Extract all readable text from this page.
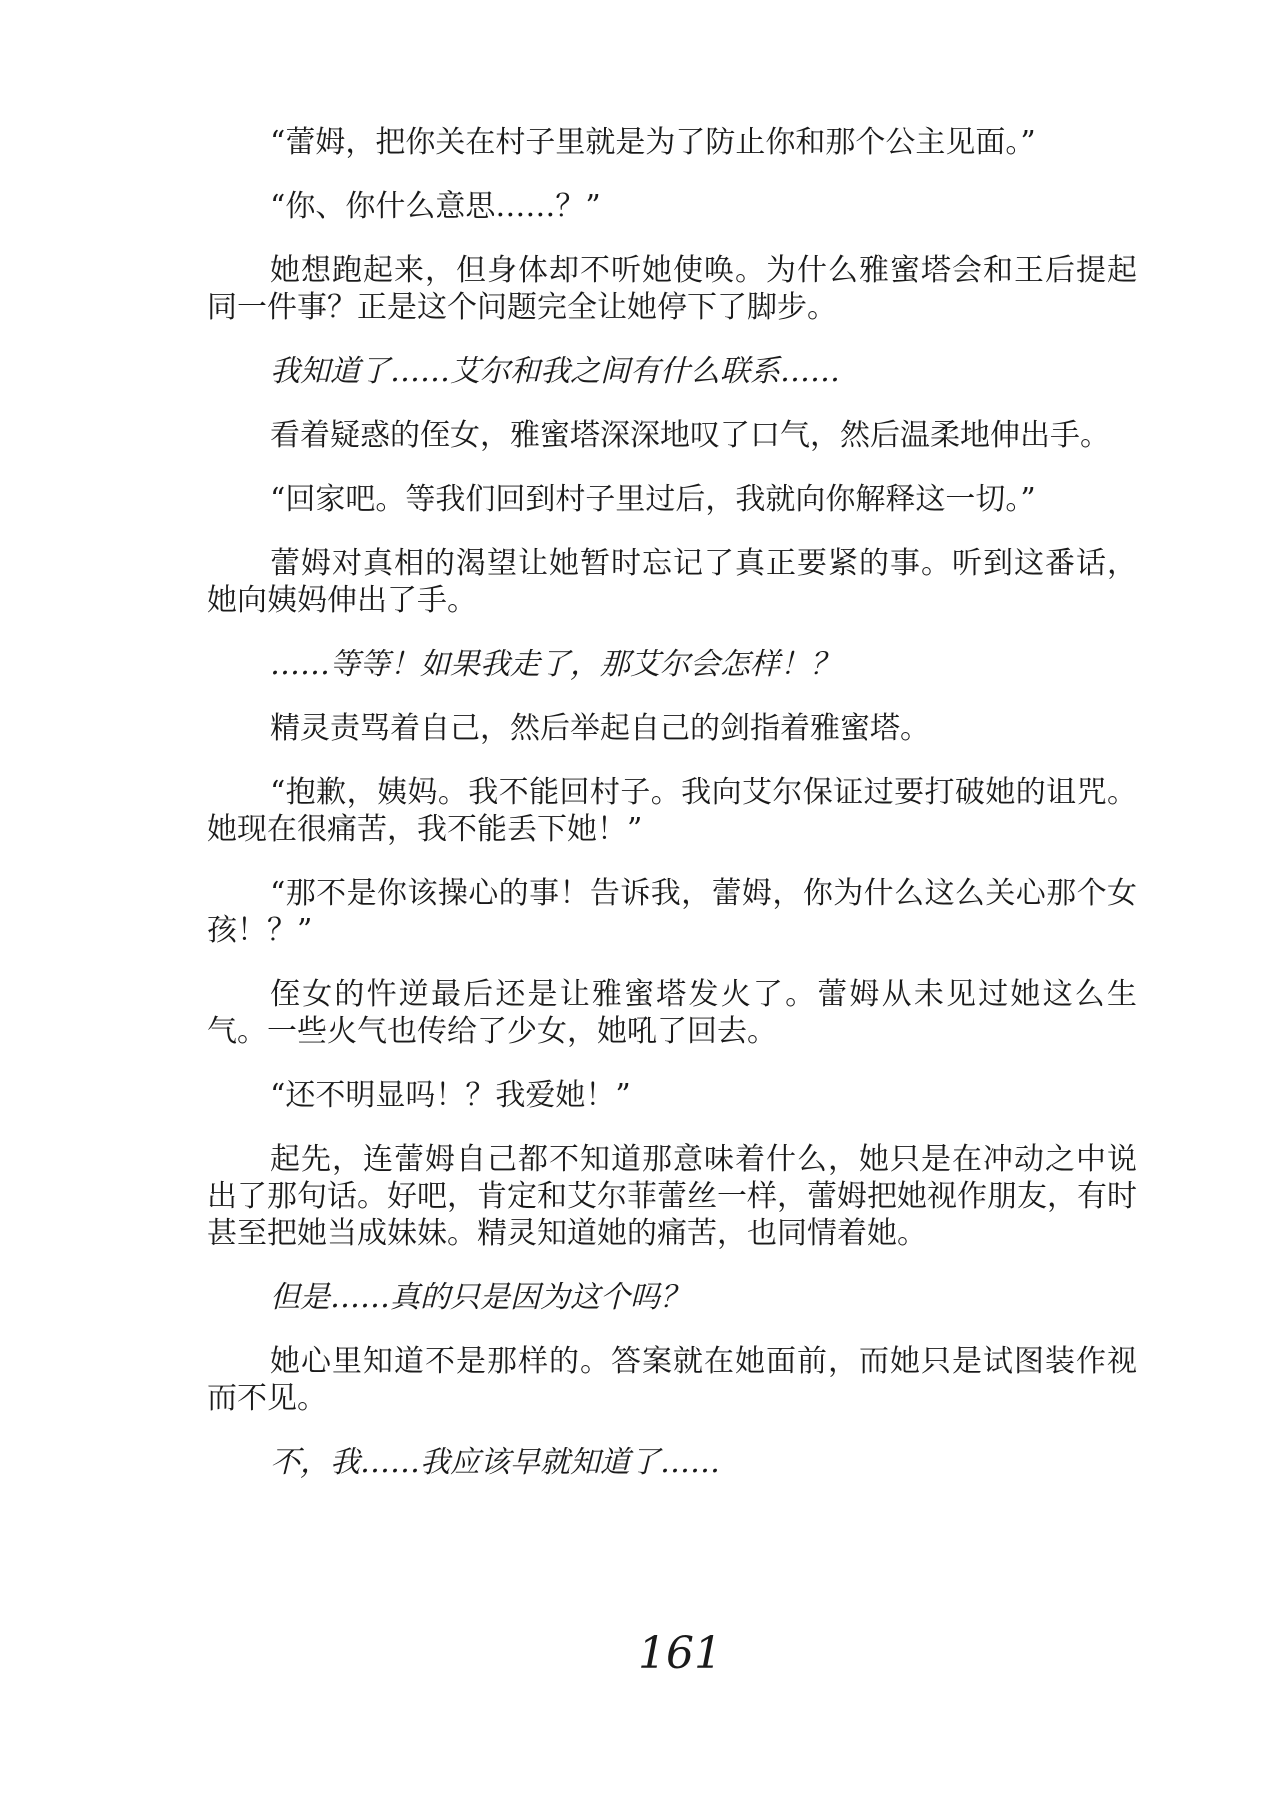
“蕾姆，把你关在村子里就是为了防止你和那个公主见面。”

“你、你什么意思……？”

她想跑起来，但身体却不听她使唤。为什么雅蜜塔会和王后提起同一件事？正是这个问题完全让她停下了脚步。

我知道了……艾尔和我之间有什么联系……

看着疑惑的侄女，雅蜜塔深深地叹了口气，然后温柔地伸出手。

“回家吧。等我们回到村子里过后，我就向你解释这一切。”

蕾姆对真相的渴望让她暂时忘记了真正要紧的事。听到这番话，她向姨妈伸出了手。

……等等！如果我走了，那艾尔会怎样！？

精灵责骂着自己，然后举起自己的剑指着雅蜜塔。

“抱歉，姨妈。我不能回村子。我向艾尔保证过要打破她的诅咒。她现在很痛苦，我不能丢下她！”

“那不是你该操心的事！告诉我，蕾姆，你为什么这么关心那个女孩！？”

侄女的忤逆最后还是让雅蜜塔发火了。蕾姆从未见过她这么生气。一些火气也传给了少女，她吼了回去。

“还不明显吗！？我爱她！”

起先，连蕾姆自己都不知道那意味着什么，她只是在冲动之中说出了那句话。好吧，肯定和艾尔菲蕾丝一样，蕾姆把她视作朋友，有时甚至把她当成妹妹。精灵知道她的痛苦，也同情着她。

但是……真的只是因为这个吗？

她心里知道不是那样的。答案就在她面前，而她只是试图装作视而不见。

不，我……我应该早就知道了……

161
